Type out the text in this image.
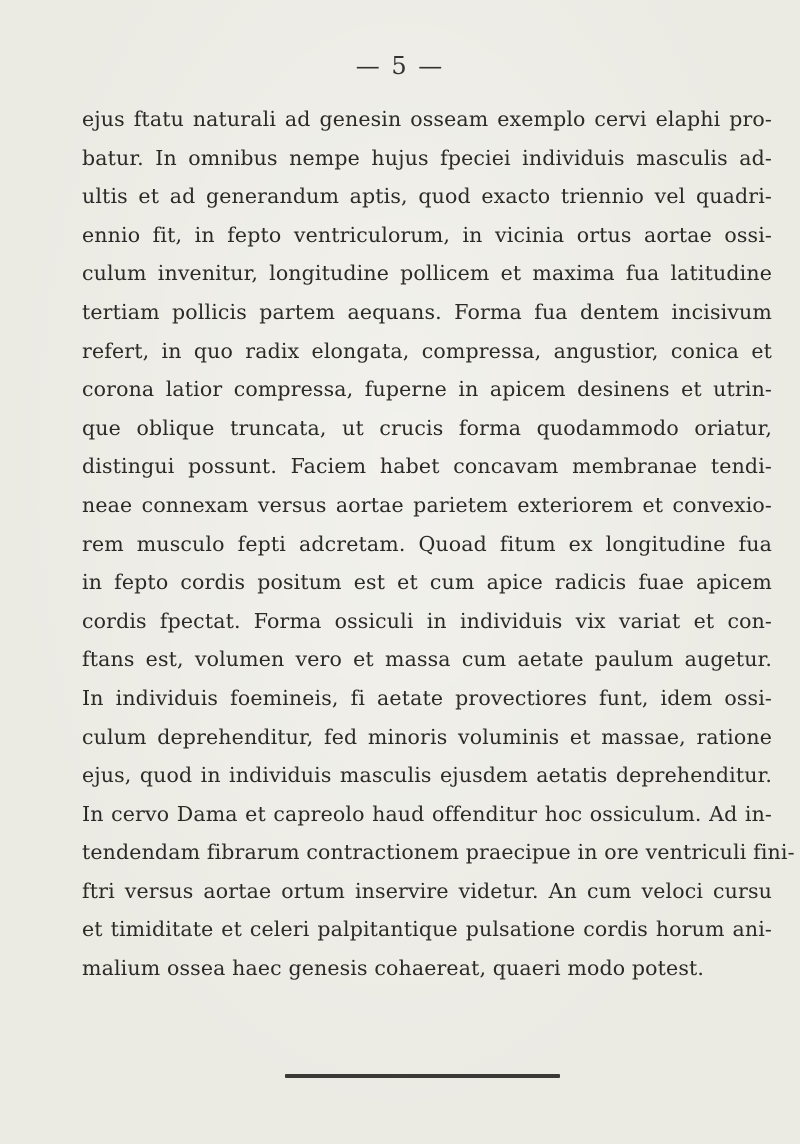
— 5 —
ejus ftatu naturali ad genesin osseam exemplo cervi elaphi pro-
batur. In omnibus nempe hujus fpeciei individuis masculis ad-
ultis et ad generandum aptis, quod exacto triennio vel quadri-
ennio fit, in fepto ventriculorum, in vicinia ortus aortae ossi-
culum invenitur, longitudine pollicem et maxima fua latitudine
tertiam pollicis partem aequans. Forma fua dentem incisivum
refert, in quo radix elongata, compressa, angustior, conica et
corona latior compressa, fuperne in apicem desinens et utrin-
que oblique truncata, ut crucis forma quodammodo oriatur,
distingui possunt. Faciem habet concavam membranae tendi-
neae connexam versus aortae parietem exteriorem et convexio-
rem musculo fepti adcretam. Quoad fitum ex longitudine fua
in fepto cordis positum est et cum apice radicis fuae apicem
cordis fpectat. Forma ossiculi in individuis vix variat et con-
ftans est, volumen vero et massa cum aetate paulum augetur.
In individuis foemineis, fi aetate provectiores funt, idem ossi-
culum deprehenditur, fed minoris voluminis et massae, ratione
ejus, quod in individuis masculis ejusdem aetatis deprehenditur.
In cervo Dama et capreolo haud offenditur hoc ossiculum. Ad in-
tendendam fibrarum contractionem praecipue in ore ventriculi fini-
ftri versus aortae ortum inservire videtur. An cum veloci cursu
et timiditate et celeri palpitantique pulsatione cordis horum ani-
malium ossea haec genesis cohaereat, quaeri modo potest.
